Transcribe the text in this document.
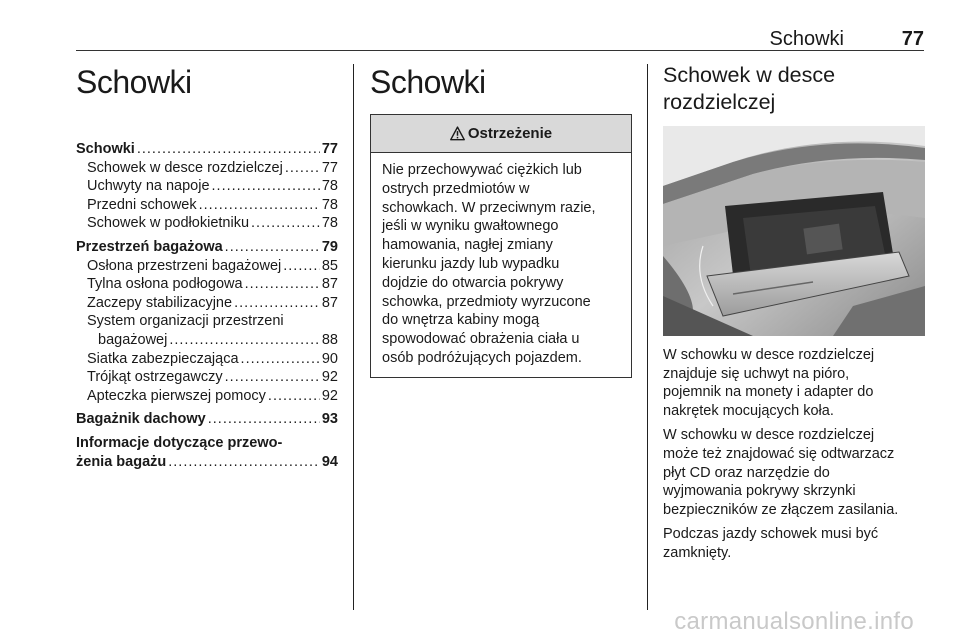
Schowki	77
Schowki
Schowki .....	77
Schowek w desce rozdzielczej .....	77
Uchwyty na napoje .....	78
Przedni schowek .....	78
Schowek w podłokietniku .....	78
Przestrzeń bagażowa .....	79
Osłona przestrzeni bagażowej .....	85
Tylna osłona podłogowa .....	87
Zaczepy stabilizacyjne .....	87
System organizacji przestrzeni
bagażowej .....	88
Siatka zabezpieczająca .....	90
Trójkąt ostrzegawczy .....	92
Apteczka pierwszej pomocy .....	92
Bagażnik dachowy .....	93
Informacje dotyczące przewo-
żenia bagażu .....	94
Schowki
Ostrzeżenie
Nie przechowywać ciężkich lub
ostrych przedmiotów w
schowkach. W przeciwnym razie,
jeśli w wyniku gwałtownego
hamowania, nagłej zmiany
kierunku jazdy lub wypadku
dojdzie do otwarcia pokrywy
schowka, przedmioty wyrzucone
do wnętrza kabiny mogą
spowodować obrażenia ciała u
osób podróżujących pojazdem.
Schowek w desce
rozdzielczej

W schowku w desce rozdzielczej
znajduje się uchwyt na pióro,
pojemnik na monety i adapter do
nakrętek mocujących koła.

W schowku w desce rozdzielczej
może też znajdować się odtwarzacz
płyt CD oraz narzędzie do
wyjmowania pokrywy skrzynki
bezpieczników ze złączem zasilania.

Podczas jazdy schowek musi być
zamknięty.

carmanualsonline.info
